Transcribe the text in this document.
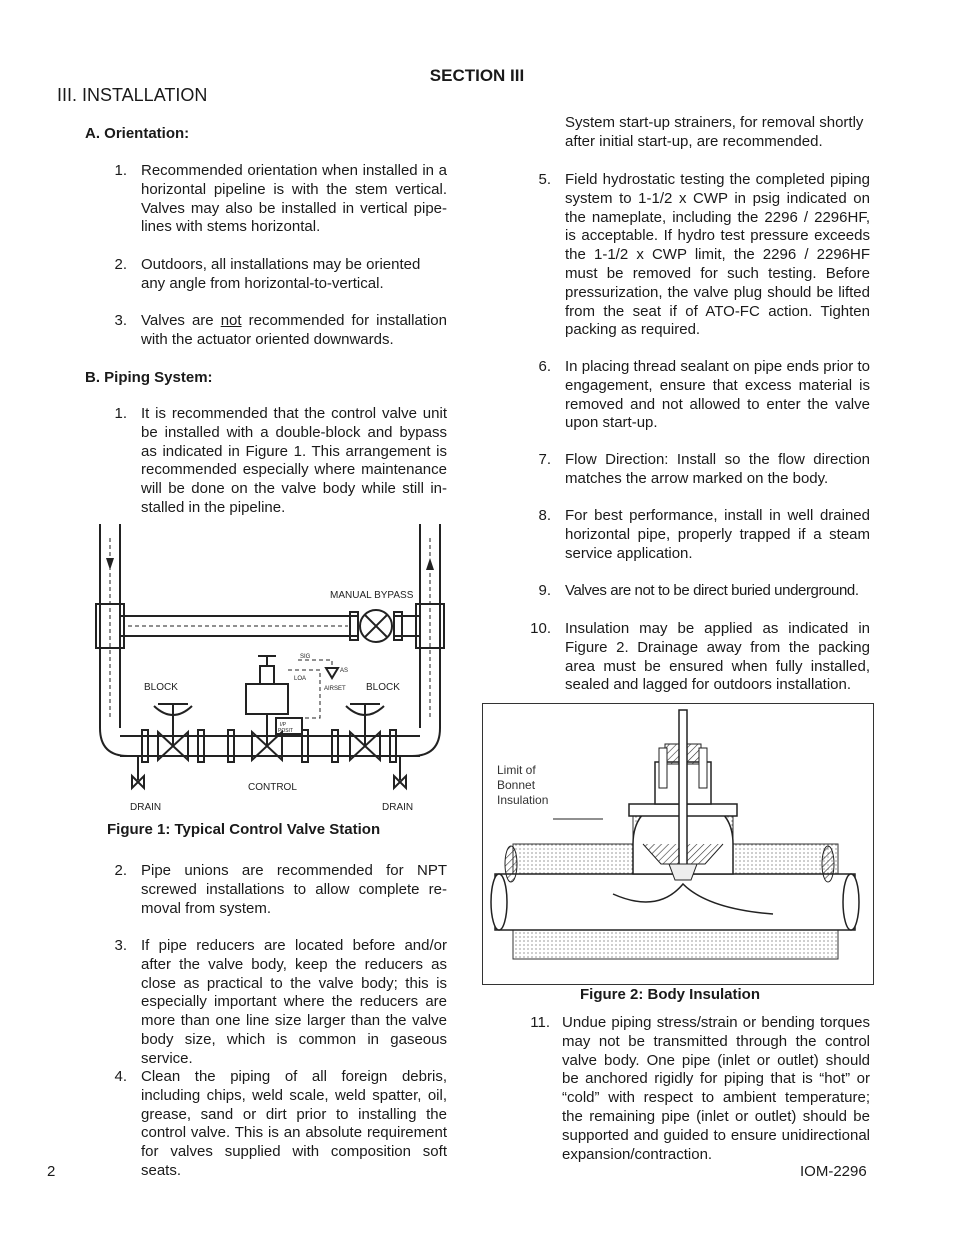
SECTION III
III. INSTALLATION
A. Orientation:
1. Recommended orientation when installed in a horizontal pipeline is with the stem vertical. Valves may also be installed in vertical pipe-lines with stems horizontal.
2. Outdoors, all installations may be oriented any angle from horizontal-to-vertical.
3. Valves are not recommended for installation with the actuator oriented downwards.
B. Piping System:
1. It is recommended that the control valve unit be installed with a double-block and bypass as indicated in Figure 1. This arrangement is recommended especially where maintenance will be done on the valve body while still in-stalled in the pipeline.
MANUAL BYPASS
BLOCK	BLOCK
CONTROL
DRAIN	DRAIN
SIG
LOA
AS
AIRSET
I/P
POSIT
Figure 1: Typical Control Valve Station
2. Pipe unions are recommended for NPT screwed installations to allow complete re-moval from system.
3. If pipe reducers are located before and/or after the valve body, keep the reducers as close as practical to the valve body; this is especially important where the reducers are more than one line size larger than the valve body size, which is common in gaseous service.
4. Clean the piping of all foreign debris, including chips, weld scale, weld spatter, oil, grease, sand or dirt prior to installing the control valve. This is an absolute requirement for valves supplied with composition soft seats.
System start-up strainers, for removal shortly after initial start-up, are recommended.
5. Field hydrostatic testing the completed piping system to 1-1/2 x CWP in psig indicated on the nameplate, including the 2296 / 2296HF, is acceptable. If hydro test pressure exceeds the 1-1/2 x CWP limit, the 2296 / 2296HF must be removed for such testing. Before pressurization, the valve plug should be lifted from the seat if of ATO-FC action. Tighten packing as required.
6. In placing thread sealant on pipe ends prior to engagement, ensure that excess material is removed and not allowed to enter the valve upon start-up.
7. Flow Direction: Install so the flow direction matches the arrow marked on the body.
8. For best performance, install in well drained horizontal pipe, properly trapped if a steam service application.
9. Valves are not to be direct buried underground.
10. Insulation may be applied as indicated in Figure 2. Drainage away from the packing area must be ensured when fully installed, sealed and lagged for outdoors installation.
Limit of
Bonnet
Insulation
Figure 2: Body Insulation
11. Undue piping stress/strain or bending torques may not be transmitted through the control valve body. One pipe (inlet or outlet) should be anchored rigidly for piping that is “hot” or “cold” with respect to ambient temperature; the remaining pipe (inlet or outlet) should be supported and guided to ensure unidirectional expansion/contraction.
2	IOM-2296
